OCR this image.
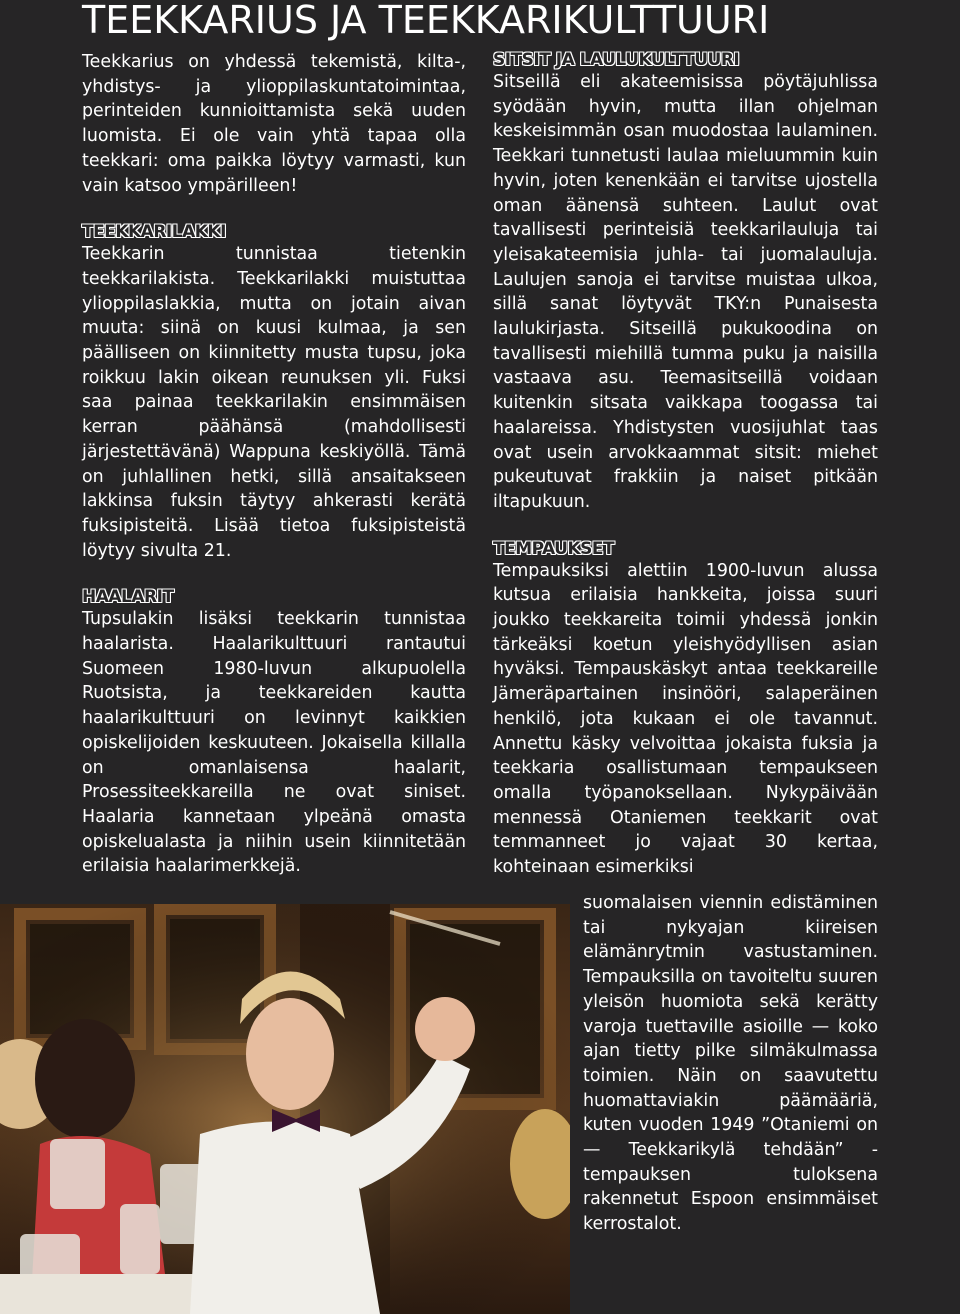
TEEKKARIUS JA TEEKKARIKULTTUURI

Teekkarius on yhdessä tekemistä, kilta-, yhdistys- ja ylioppilaskuntatoimintaa, perinteiden kunnioittamista sekä uuden luomista. Ei ole vain yhtä tapaa olla teekkari: oma paikka löytyy varmasti, kun vain katsoo ympärilleen!

TEEKKARILAKKI

Teekkarin tunnistaa tietenkin teekkarilakista. Teekkarilakki muistuttaa ylioppilaslakkia, mutta on jotain aivan muuta: siinä on kuusi kulmaa, ja sen päälliseen on kiinnitetty musta tupsu, joka roikkuu lakin oikean reunuksen yli. Fuksi saa painaa teekkarilakin ensimmäisen kerran päähänsä (mahdollisesti järjestettävänä) Wappuna keskiyöllä. Tämä on juhlallinen hetki, sillä ansaitakseen lakkinsa fuksin täytyy ahkerasti kerätä fuksipisteitä. Lisää tietoa fuksipisteistä löytyy sivulta 21.

HAALARIT

Tupsulakin lisäksi teekkarin tunnistaa haalarista. Haalarikulttuuri rantautui Suomeen 1980-luvun alkupuolella Ruotsista, ja teekkareiden kautta haalarikulttuuri on levinnyt kaikkien opiskelijoiden keskuuteen. Jokaisella killalla on omanlaisensa haalarit, Prosessiteekkareilla ne ovat siniset. Haalaria kannetaan ylpeänä omasta opiskelualasta ja niihin usein kiinnitetään erilaisia haalarimerkkejä.

SITSIT JA LAULUKULTTUURI

Sitseillä eli akateemisissa pöytäjuhlissa syödään hyvin, mutta illan ohjelman keskeisimmän osan muodostaa laulaminen. Teekkari tunnetusti laulaa mieluummin kuin hyvin, joten kenenkään ei tarvitse ujostella oman äänensä suhteen. Laulut ovat tavallisesti perinteisiä teekkarilauluja tai yleisakateemisia juhla- tai juomalauluja. Laulujen sanoja ei tarvitse muistaa ulkoa, sillä sanat löytyvät TKY:n Punaisesta laulukirjasta. Sitseillä pukukoodina on tavallisesti miehillä tumma puku ja naisilla vastaava asu. Teemasitseillä voidaan kuitenkin sitsata vaikkapa toogassa tai haalareissa. Yhdistysten vuosijuhlat taas ovat usein arvokkaammat sitsit: miehet pukeutuvat frakkiin ja naiset pitkään iltapukuun.

TEMPAUKSET

Tempauksiksi alettiin 1900-luvun alussa kutsua erilaisia hankkeita, joissa suuri joukko teekkareita toimii yhdessä jonkin tärkeäksi koetun yleishyödyllisen asian hyväksi. Tempauskäskyt antaa teekkareille Jämeräpartainen insinööri, salaperäinen henkilö, jota kukaan ei ole tavannut. Annettu käsky velvoittaa jokaista fuksia ja teekkaria osallistumaan tempaukseen omalla työpanoksellaan. Nykypäivään mennessä Otaniemen teekkarit ovat temmanneet jo vajaat 30 kertaa, kohteinaan esimerkiksi

suomalaisen viennin edistäminen tai nykyajan kiireisen elämänrytmin vastustaminen. Tempauksilla on tavoiteltu suuren yleisön huomiota sekä kerätty varoja tuettaville asioille — koko ajan tietty pilke silmäkulmassa toimien. Näin on saavutettu huomattaviakin päämääriä, kuten vuoden 1949 ”Otaniemi on — Teekkarikylä tehdään” -tempauksen tuloksena rakennetut Espoon ensimmäiset kerrostalot.
